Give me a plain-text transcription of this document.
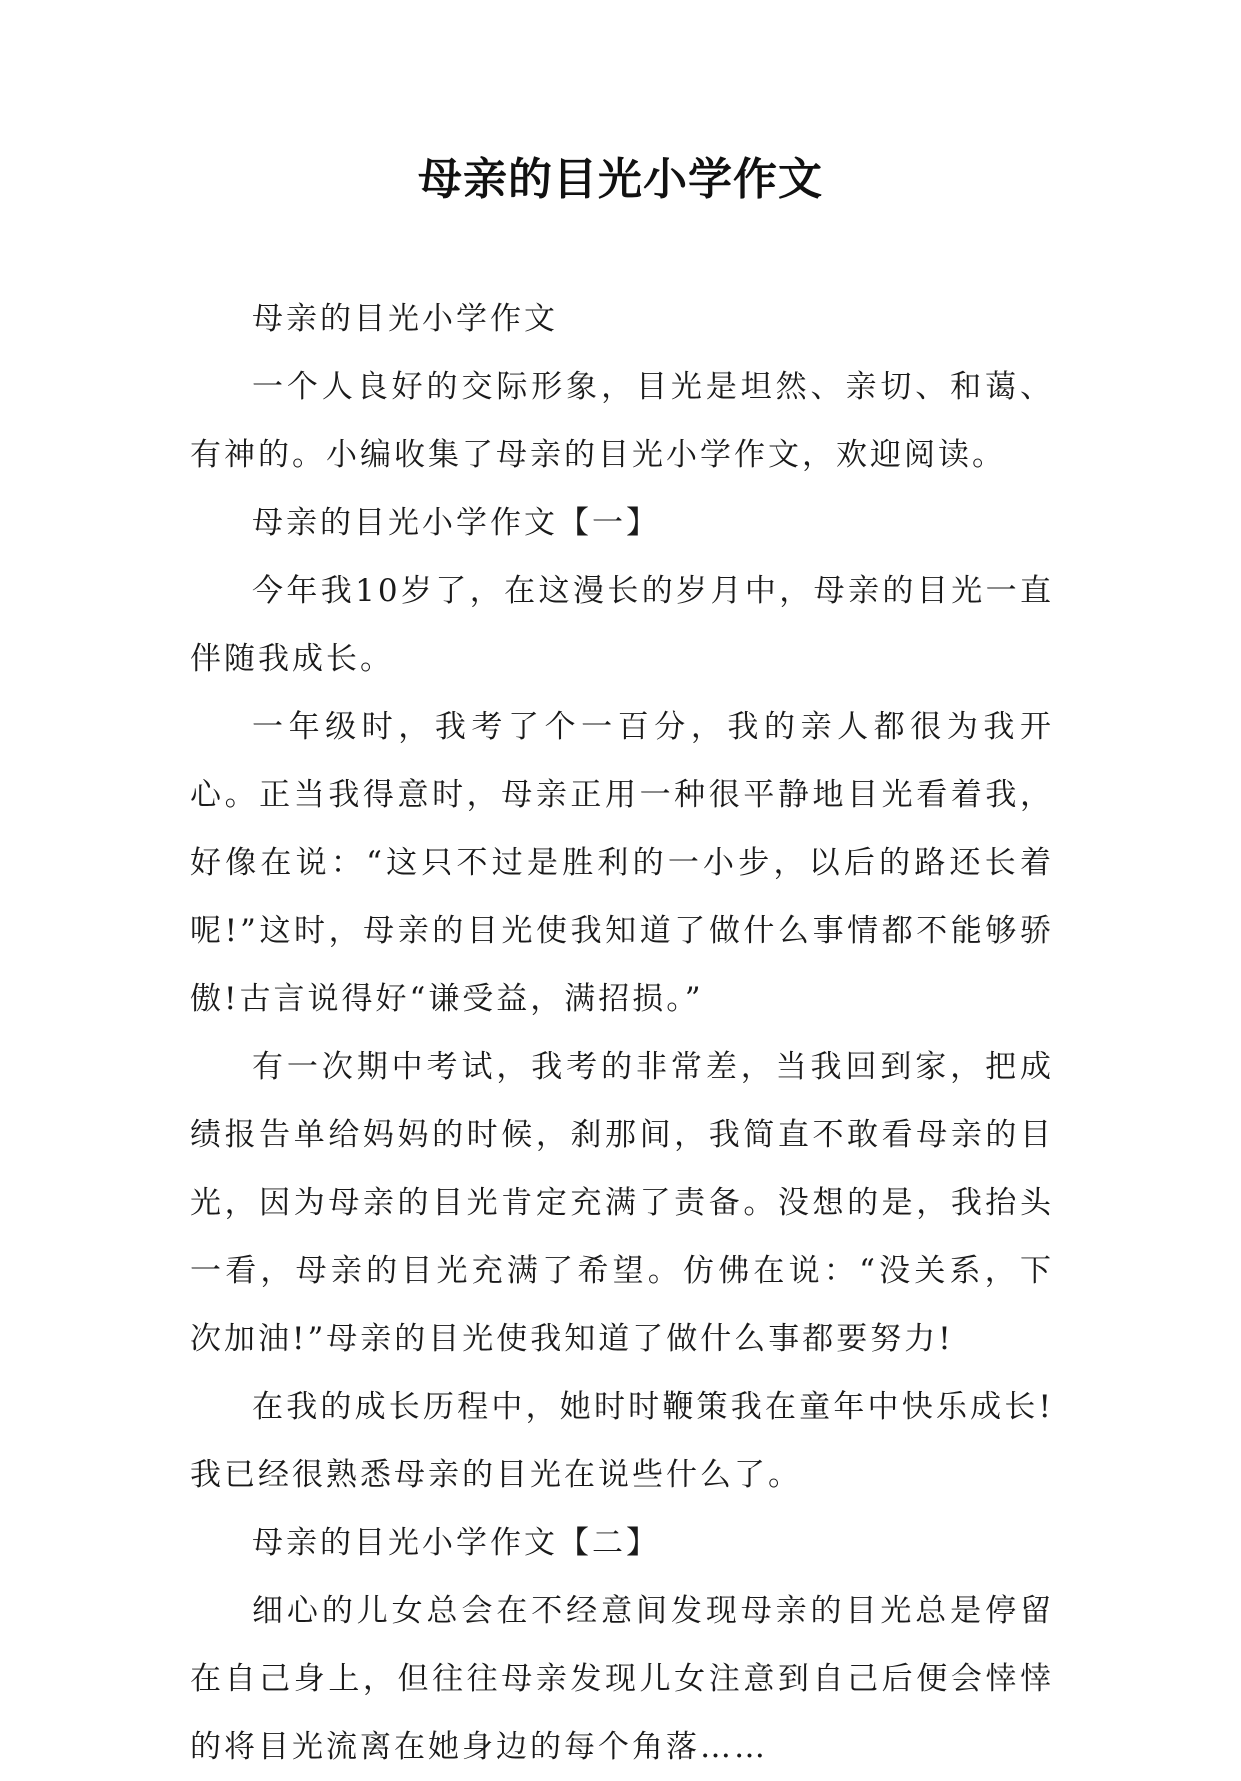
母亲的目光小学作文

母亲的目光小学作文

一个人良好的交际形象，目光是坦然、亲切、和蔼、有神的。小编收集了母亲的目光小学作文，欢迎阅读。

母亲的目光小学作文【一】

今年我10岁了，在这漫长的岁月中，母亲的目光一直伴随我成长。

一年级时，我考了个一百分，我的亲人都很为我开心。正当我得意时，母亲正用一种很平静地目光看着我，好像在说：“这只不过是胜利的一小步，以后的路还长着呢!”这时，母亲的目光使我知道了做什么事情都不能够骄傲!古言说得好“谦受益，满招损。”

有一次期中考试，我考的非常差，当我回到家，把成绩报告单给妈妈的时候，刹那间，我简直不敢看母亲的目光，因为母亲的目光肯定充满了责备。没想的是，我抬头一看，母亲的目光充满了希望。仿佛在说：“没关系，下次加油!”母亲的目光使我知道了做什么事都要努力!

在我的成长历程中，她时时鞭策我在童年中快乐成长!我已经很熟悉母亲的目光在说些什么了。

母亲的目光小学作文【二】

细心的儿女总会在不经意间发现母亲的目光总是停留在自己身上，但往往母亲发现儿女注意到自己后便会悻悻的将目光流离在她身边的每个角落……
